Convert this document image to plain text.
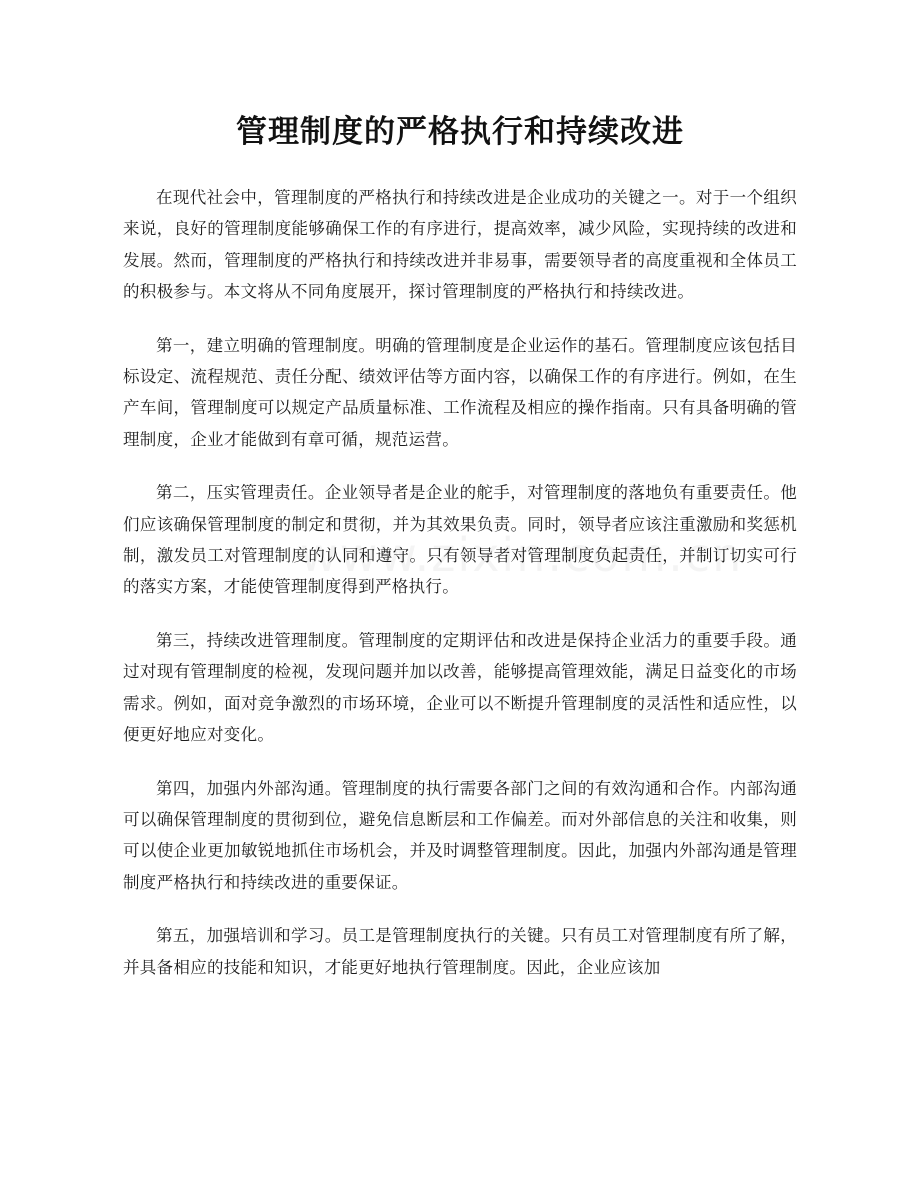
管理制度的严格执行和持续改进

在现代社会中，管理制度的严格执行和持续改进是企业成功的关键之一。对于一个组织来说，良好的管理制度能够确保工作的有序进行，提高效率，减少风险，实现持续的改进和发展。然而，管理制度的严格执行和持续改进并非易事，需要领导者的高度重视和全体员工的积极参与。本文将从不同角度展开，探讨管理制度的严格执行和持续改进。

第一，建立明确的管理制度。明确的管理制度是企业运作的基石。管理制度应该包括目标设定、流程规范、责任分配、绩效评估等方面内容，以确保工作的有序进行。例如，在生产车间，管理制度可以规定产品质量标准、工作流程及相应的操作指南。只有具备明确的管理制度，企业才能做到有章可循，规范运营。

第二，压实管理责任。企业领导者是企业的舵手，对管理制度的落地负有重要责任。他们应该确保管理制度的制定和贯彻，并为其效果负责。同时，领导者应该注重激励和奖惩机制，激发员工对管理制度的认同和遵守。只有领导者对管理制度负起责任，并制订切实可行的落实方案，才能使管理制度得到严格执行。

第三，持续改进管理制度。管理制度的定期评估和改进是保持企业活力的重要手段。通过对现有管理制度的检视，发现问题并加以改善，能够提高管理效能，满足日益变化的市场需求。例如，面对竞争激烈的市场环境，企业可以不断提升管理制度的灵活性和适应性，以便更好地应对变化。

第四，加强内外部沟通。管理制度的执行需要各部门之间的有效沟通和合作。内部沟通可以确保管理制度的贯彻到位，避免信息断层和工作偏差。而对外部信息的关注和收集，则可以使企业更加敏锐地抓住市场机会，并及时调整管理制度。因此，加强内外部沟通是管理制度严格执行和持续改进的重要保证。

第五，加强培训和学习。员工是管理制度执行的关键。只有员工对管理制度有所了解，并具备相应的技能和知识，才能更好地执行管理制度。因此，企业应该加
